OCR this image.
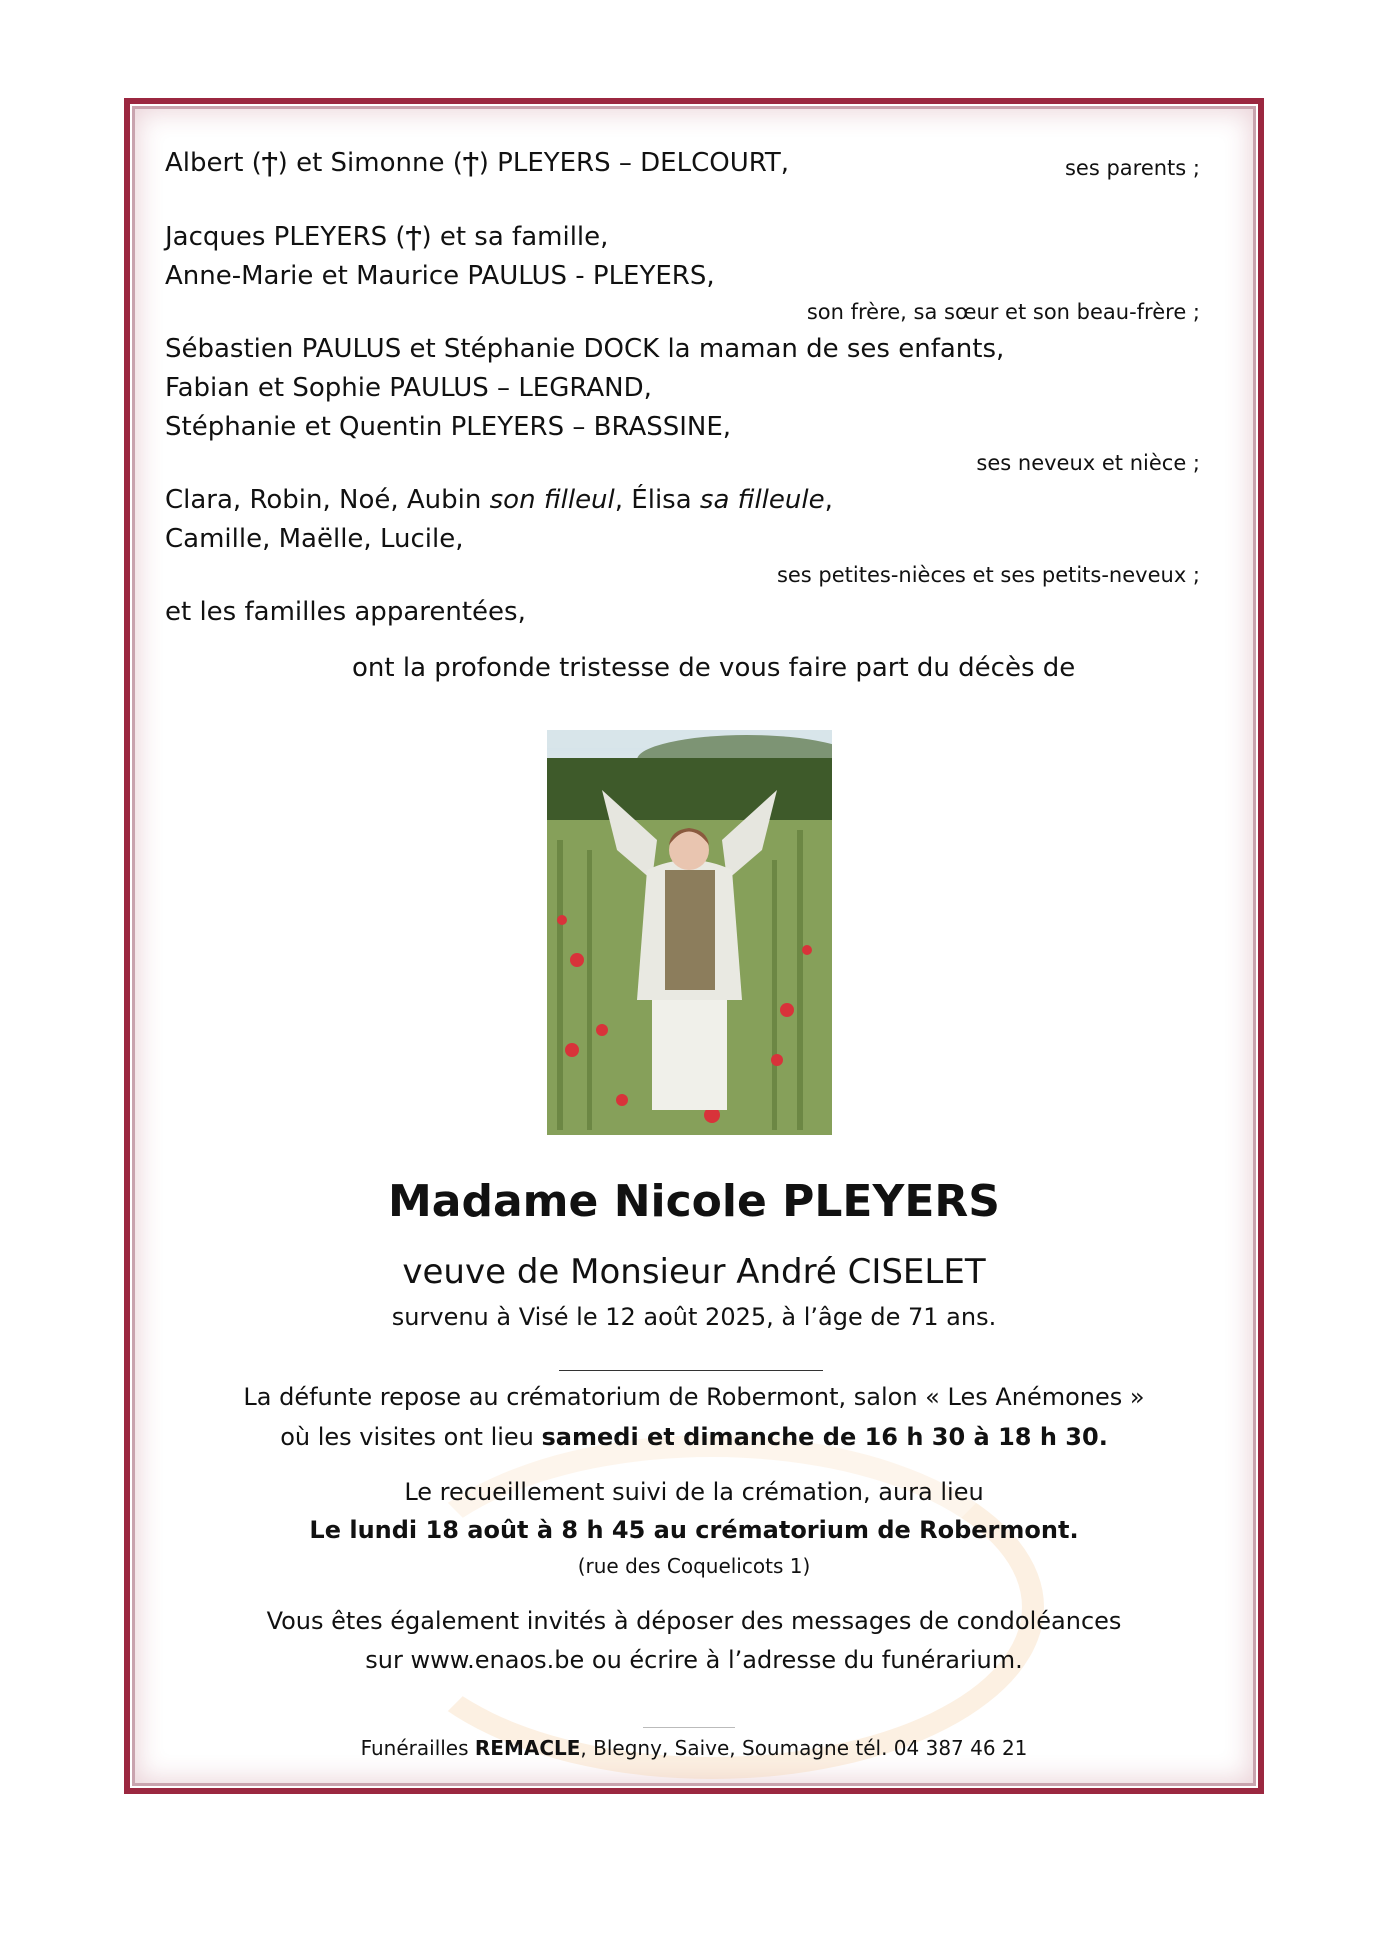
Albert (Ϯ) et Simonne (Ϯ) PLEYERS – DELCOURT,	ses parents ;
Jacques PLEYERS (Ϯ) et sa famille,
Anne-Marie et Maurice PAULUS - PLEYERS,
son frère, sa sœur et son beau-frère ;
Sébastien PAULUS et Stéphanie DOCK la maman de ses enfants,
Fabian et Sophie PAULUS – LEGRAND,
Stéphanie et Quentin PLEYERS – BRASSINE,
ses neveux et nièce ;
Clara, Robin, Noé, Aubin son filleul, Élisa sa filleule,
Camille, Maëlle, Lucile,
ses petites-nièces et ses petits-neveux ;
et les familles apparentées,
ont la profonde tristesse de vous faire part du décès de
Madame Nicole PLEYERS
veuve de Monsieur André CISELET
survenu à Visé le 12 août 2025, à l’âge de 71 ans.
La défunte repose au crématorium de Robermont, salon « Les Anémones »
où les visites ont lieu samedi et dimanche de 16 h 30 à 18 h 30.
Le recueillement suivi de la crémation, aura lieu
Le lundi 18 août à 8 h 45 au crématorium de Robermont.
(rue des Coquelicots 1)
Vous êtes également invités à déposer des messages de condoléances
sur www.enaos.be ou écrire à l’adresse du funérarium.
Funérailles REMACLE, Blegny, Saive, Soumagne tél. 04 387 46 21
